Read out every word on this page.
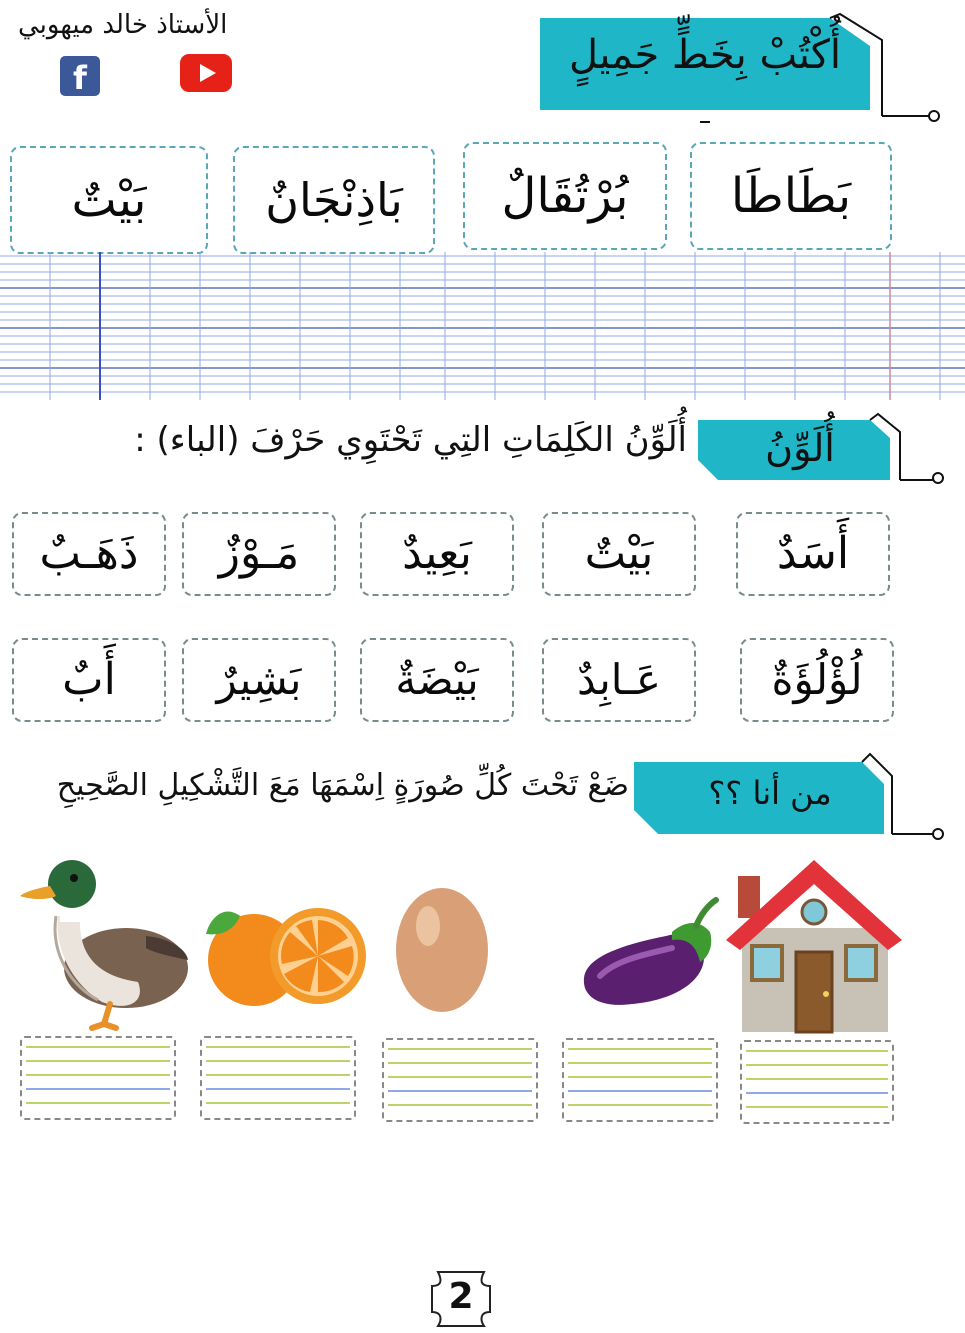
الأستاذ خالد ميهوبي
f	أُكْتُبْ بِخَطٍّ جَمِيلٍ
بَطَاطَا
بُرْتُقَالٌ
بَاذِنْجَانٌ
بَيْتٌ
أُلَوِّنُ
أُلَوِّنُ الكَلِمَاتِ التِي تَحْتَوِي حَرْفَ (الباء) :
أَسَدٌ
بَيْتٌ
بَعِيدٌ
مَـوْزٌ
ذَهَـبٌ
لُؤْلُؤَةٌ
عَـابِدٌ
بَيْضَةٌ
بَشِيرٌ
أَبٌ
من أنا ؟؟
ضَعْ تَحْتَ كُلِّ صُورَةٍ اِسْمَهَا مَعَ التَّشْكِيلِ الصَّحِيحِ
2
